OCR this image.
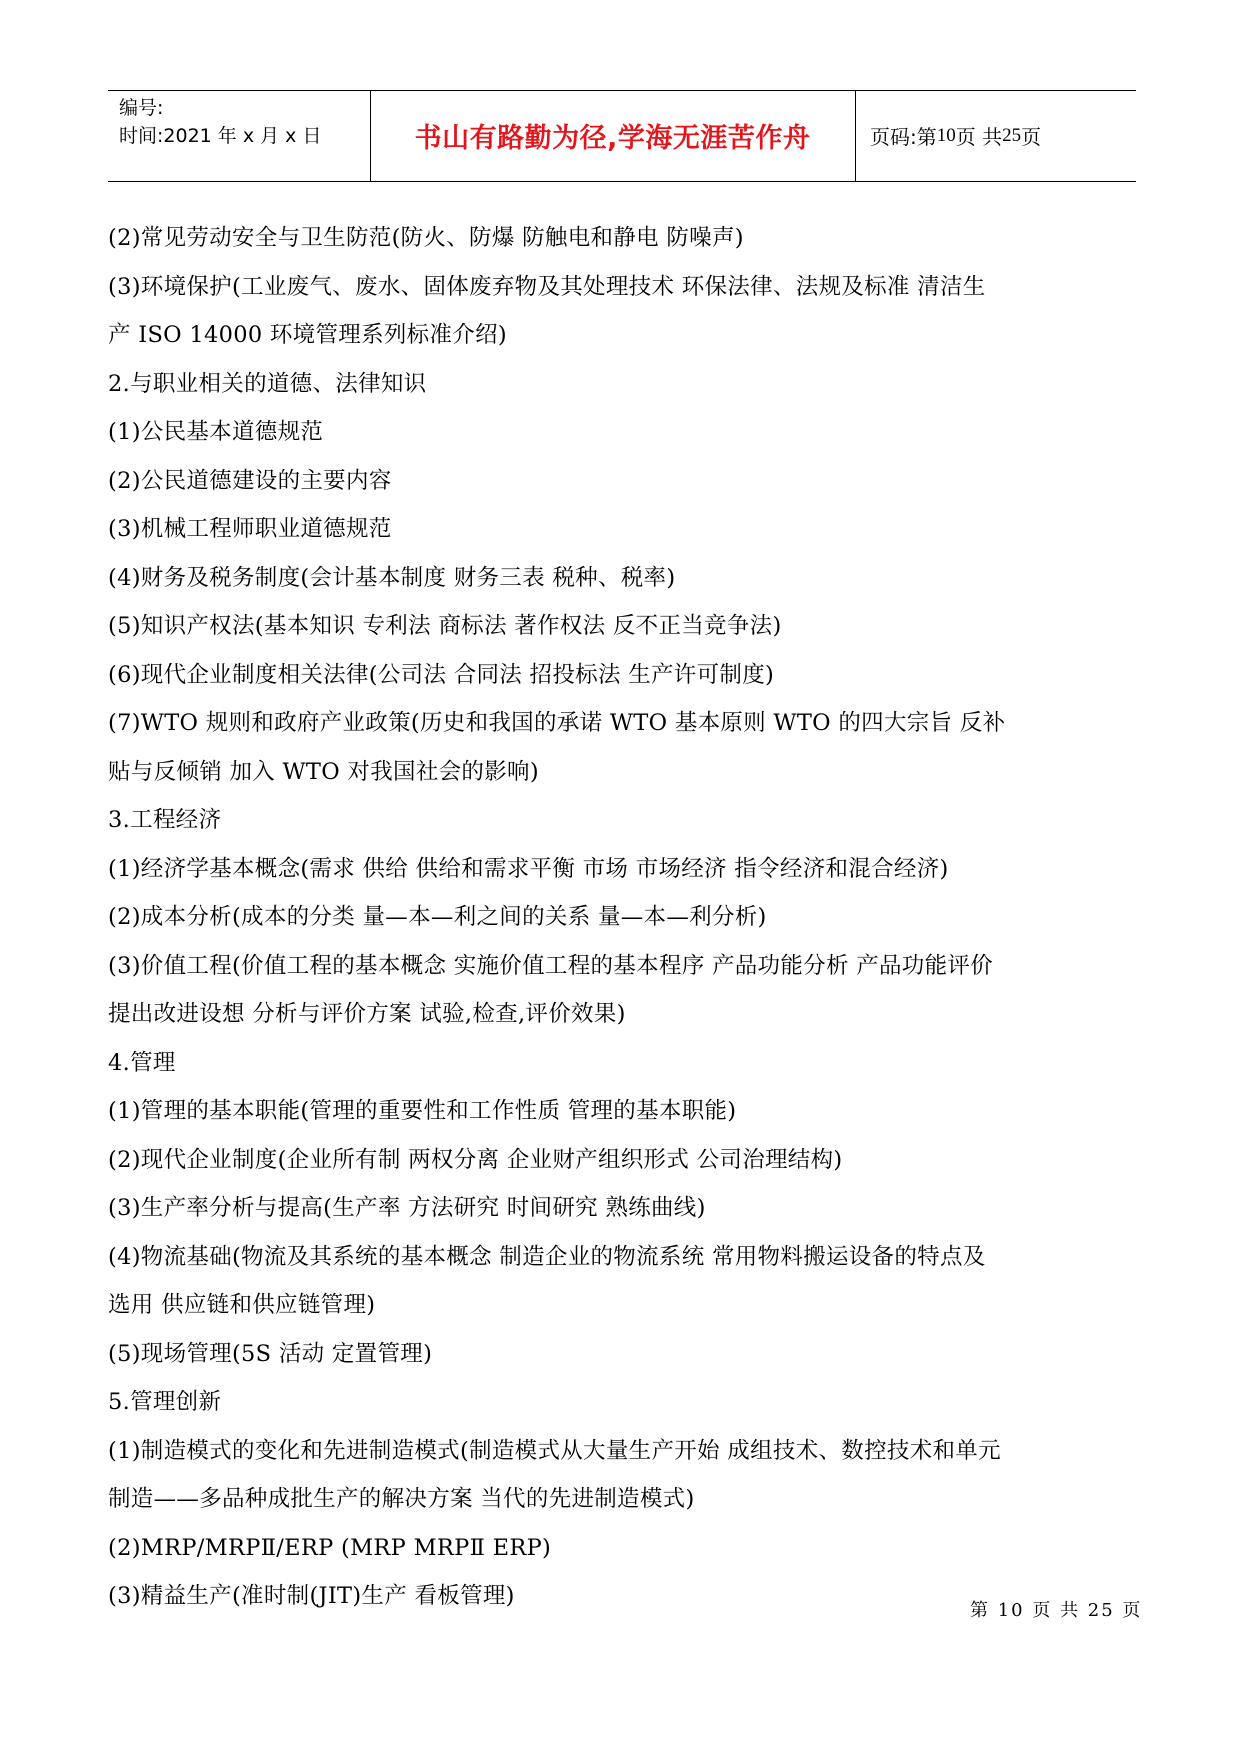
编号:
时间:2021 年 x 月 x 日	书山有路勤为径,学海无涯苦作舟	页码:第 10 页 共 25 页
(2)常见劳动安全与卫生防范(防火、防爆 防触电和静电 防噪声)
(3)环境保护(工业废气、废水、固体废弃物及其处理技术 环保法律、法规及标准 清洁生
产 ISO 14000 环境管理系列标准介绍)
2.与职业相关的道德、法律知识
(1)公民基本道德规范
(2)公民道德建设的主要内容
(3)机械工程师职业道德规范
(4)财务及税务制度(会计基本制度 财务三表 税种、税率)
(5)知识产权法(基本知识 专利法 商标法 著作权法 反不正当竞争法)
(6)现代企业制度相关法律(公司法 合同法 招投标法 生产许可制度)
(7)WTO 规则和政府产业政策(历史和我国的承诺 WTO 基本原则 WTO 的四大宗旨 反补
贴与反倾销 加入 WTO 对我国社会的影响)
3.工程经济
(1)经济学基本概念(需求 供给 供给和需求平衡 市场 市场经济 指令经济和混合经济)
(2)成本分析(成本的分类 量—本—利之间的关系 量—本—利分析)
(3)价值工程(价值工程的基本概念 实施价值工程的基本程序 产品功能分析 产品功能评价
提出改进设想 分析与评价方案 试验,检查,评价效果)
4.管理
(1)管理的基本职能(管理的重要性和工作性质 管理的基本职能)
(2)现代企业制度(企业所有制 两权分离 企业财产组织形式 公司治理结构)
(3)生产率分析与提高(生产率 方法研究 时间研究 熟练曲线)
(4)物流基础(物流及其系统的基本概念 制造企业的物流系统 常用物料搬运设备的特点及
选用 供应链和供应链管理)
(5)现场管理(5S 活动 定置管理)
5.管理创新
(1)制造模式的变化和先进制造模式(制造模式从大量生产开始 成组技术、数控技术和单元
制造——多品种成批生产的解决方案 当代的先进制造模式)
(2)MRP/MRPⅡ/ERP (MRP MRPⅡ ERP)
(3)精益生产(准时制(JIT)生产 看板管理)
第 10 页 共 25 页
